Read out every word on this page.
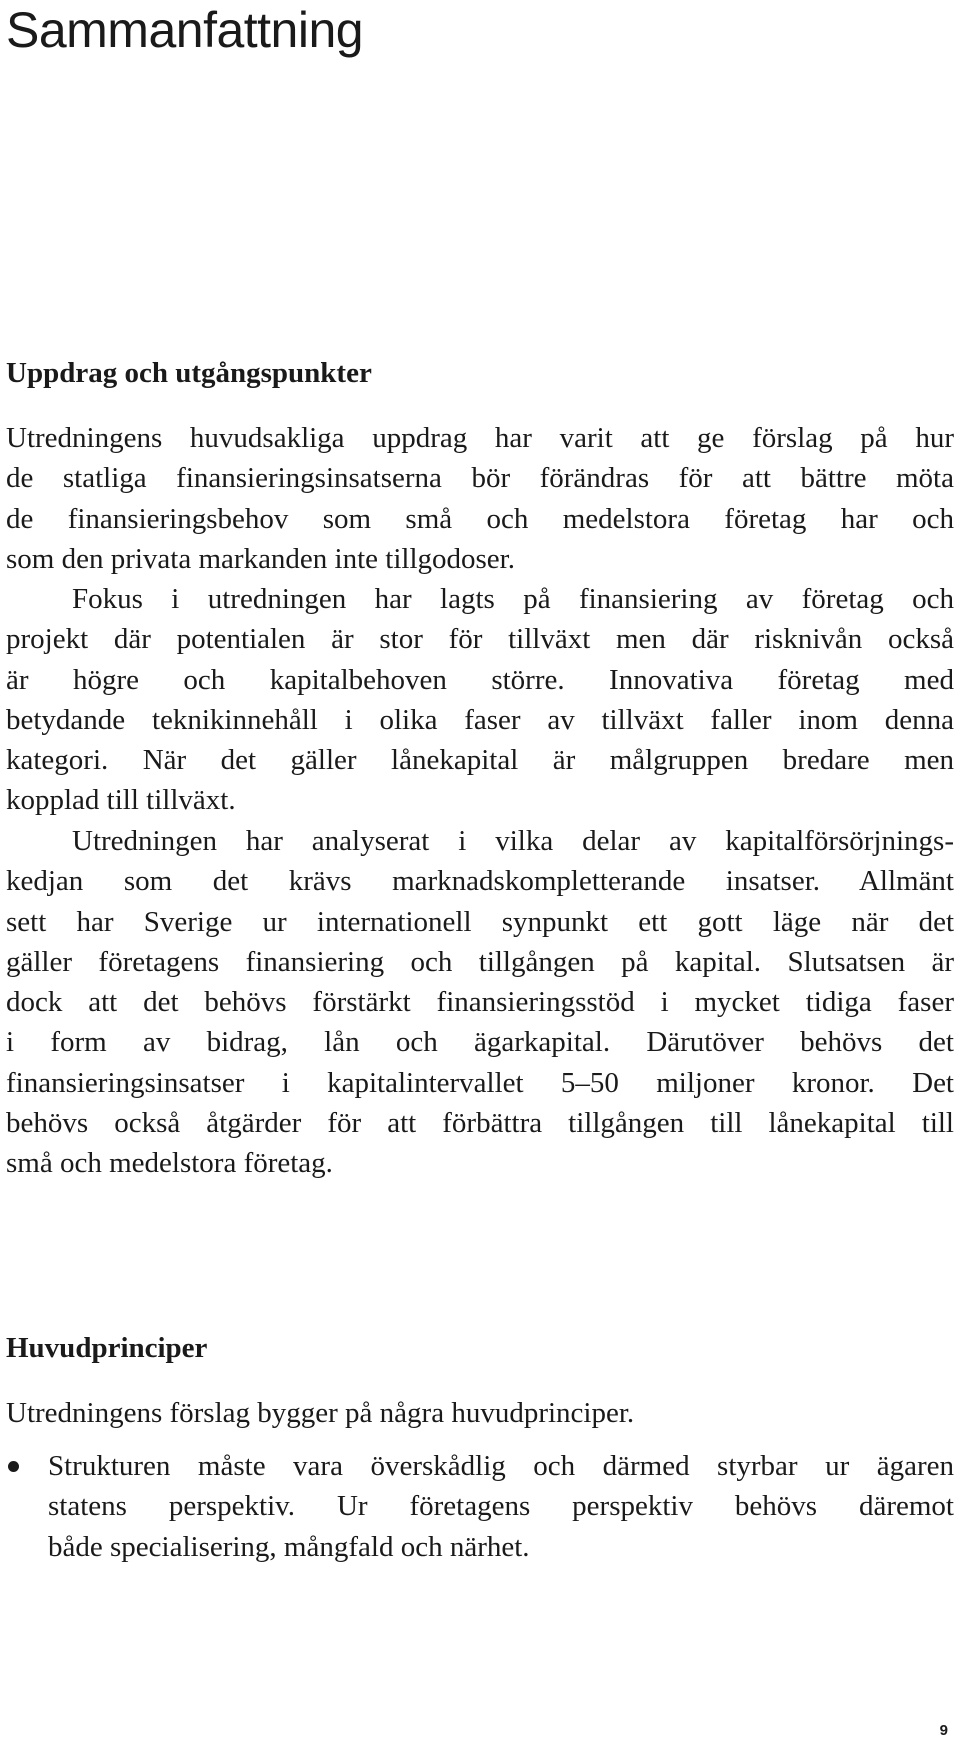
Sammanfattning
Uppdrag och utgångspunkter
Utredningens huvudsakliga uppdrag har varit att ge förslag på hur
de statliga finansieringsinsatserna bör förändras för att bättre möta
de finansieringsbehov som små och medelstora företag har och
som den privata markanden inte tillgodoser.
Fokus i utredningen har lagts på finansiering av företag och
projekt där potentialen är stor för tillväxt men där risknivån också
är högre och kapitalbehoven större. Innovativa företag med
betydande teknikinnehåll i olika faser av tillväxt faller inom denna
kategori. När det gäller lånekapital är målgruppen bredare men
kopplad till tillväxt.
Utredningen har analyserat i vilka delar av kapitalförsörjnings-
kedjan som det krävs marknadskompletterande insatser. Allmänt
sett har Sverige ur internationell synpunkt ett gott läge när det
gäller företagens finansiering och tillgången på kapital. Slutsatsen är
dock att det behövs förstärkt finansieringsstöd i mycket tidiga faser
i form av bidrag, lån och ägarkapital. Därutöver behövs det
finansieringsinsatser i kapitalintervallet 5–50 miljoner kronor. Det
behövs också åtgärder för att förbättra tillgången till lånekapital till
små och medelstora företag.
Huvudprinciper
Utredningens förslag bygger på några huvudprinciper.
Strukturen måste vara överskådlig och därmed styrbar ur ägaren
statens perspektiv. Ur företagens perspektiv behövs däremot
både specialisering, mångfald och närhet.
9
